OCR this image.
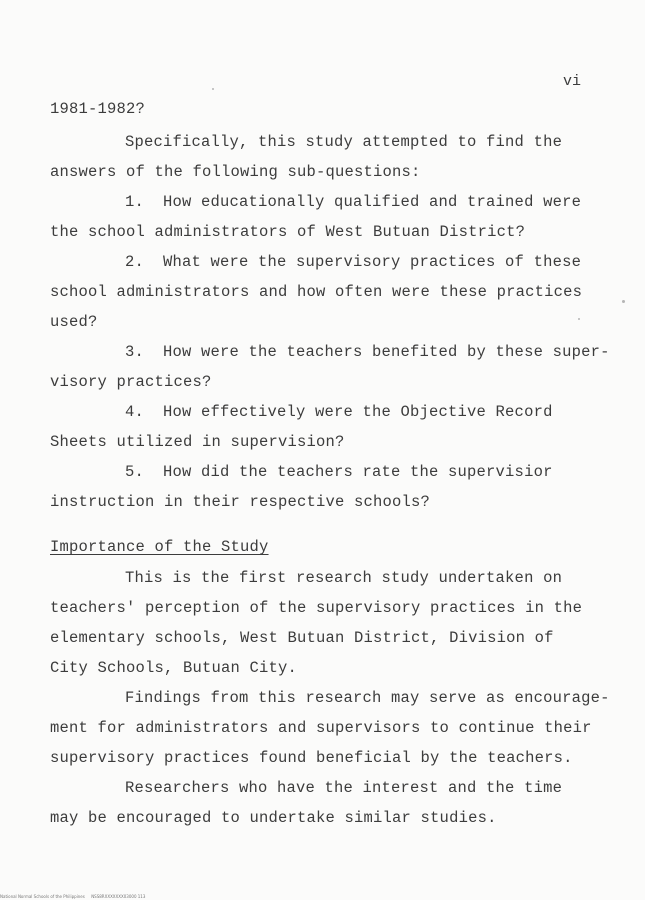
vi
1981-1982?
Specifically, this study attempted to find the
answers of the following sub-questions:
1.  How educationally qualified and trained were
the school administrators of West Butuan District?
2.  What were the supervisory practices of these
school administrators and how often were these practices
used?
3.  How were the teachers benefited by these super-
visory practices?
4.  How effectively were the Objective Record
Sheets utilized in supervision?
5.  How did the teachers rate the supervisior
instruction in their respective schools?
Importance of the Study
This is the first research study undertaken on
teachers' perception of the supervisory practices in the
elementary schools, West Butuan District, Division of
City Schools, Butuan City.
Findings from this research may serve as encourage-
ment for administrators and supervisors to continue their
supervisory practices found beneficial by the teachers.
Researchers who have the interest and the time
may be encouraged to undertake similar studies.
National Normal Schools of the Philippines     NSS8RXXXXXXX03000 113
